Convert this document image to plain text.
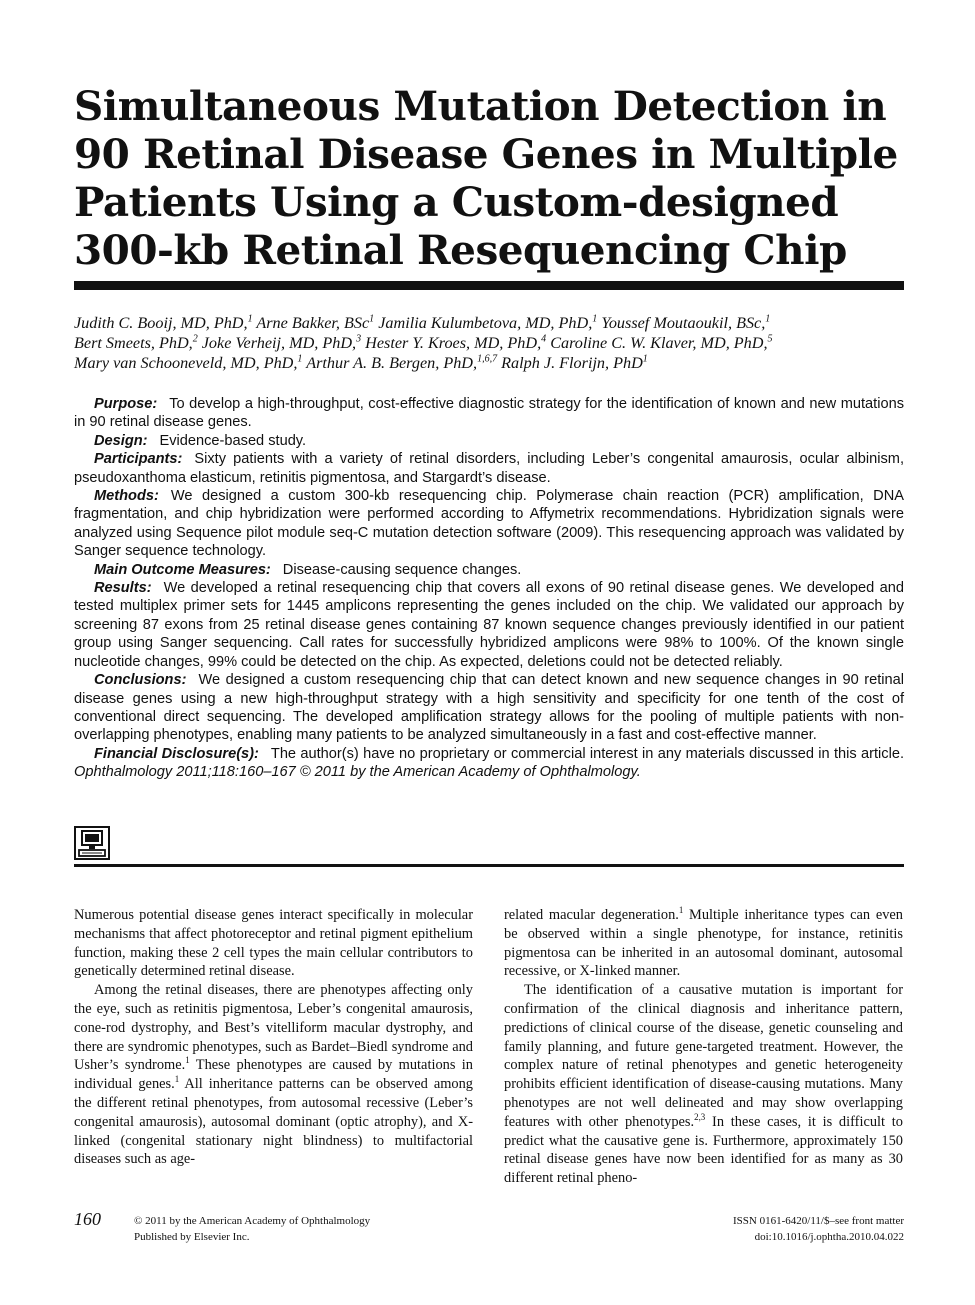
Simultaneous Mutation Detection in 90 Retinal Disease Genes in Multiple Patients Using a Custom-designed 300-kb Retinal Resequencing Chip

Judith C. Booij, MD, PhD,$^1$ Arne Bakker, BSc$^1$ Jamilia Kulumbetova, MD, PhD,$^1$ Youssef Moutaoukil, BSc,$^1$

Bert Smeets, PhD,$^2$ Joke Verheij, MD, PhD,$^3$ Hester Y. Kroes, MD, PhD,$^4$ Caroline C. W. Klaver, MD, PhD,$^5$

Mary van Schooneveld, MD, PhD,$^1$ Arthur A. B. Bergen, PhD,$^{1,6,7}$ Ralph J. Florijn, PhD$^1$

Purpose: To develop a high-throughput, cost-effective diagnostic strategy for the identification of known and new mutations in 90 retinal disease genes.

Design: Evidence-based study.

Participants: Sixty patients with a variety of retinal disorders, including Leber’s congenital amaurosis, ocular albinism, pseudoxanthoma elasticum, retinitis pigmentosa, and Stargardt’s disease.

Methods: We designed a custom 300-kb resequencing chip. Polymerase chain reaction (PCR) amplification, DNA fragmentation, and chip hybridization were performed according to Affymetrix recommendations. Hybridization signals were analyzed using Sequence pilot module seq-C mutation detection software (2009). This resequencing approach was validated by Sanger sequence technology.

Main Outcome Measures: Disease-causing sequence changes.

Results: We developed a retinal resequencing chip that covers all exons of 90 retinal disease genes. We developed and tested multiplex primer sets for 1445 amplicons representing the genes included on the chip. We validated our approach by screening 87 exons from 25 retinal disease genes containing 87 known sequence changes previously identified in our patient group using Sanger sequencing. Call rates for successfully hybridized amplicons were 98% to 100%. Of the known single nucleotide changes, 99% could be detected on the chip. As expected, deletions could not be detected reliably.

Conclusions: We designed a custom resequencing chip that can detect known and new sequence changes in 90 retinal disease genes using a new high-throughput strategy with a high sensitivity and specificity for one tenth of the cost of conventional direct sequencing. The developed amplification strategy allows for the pooling of multiple patients with non-overlapping phenotypes, enabling many patients to be analyzed simultaneously in a fast and cost-effective manner.

Financial Disclosure(s): The author(s) have no proprietary or commercial interest in any materials discussed in this article. Ophthalmology 2011;118:160–167 © 2011 by the American Academy of Ophthalmology.

Numerous potential disease genes interact specifically in molecular mechanisms that affect photoreceptor and retinal pigment epithelium function, making these 2 cell types the main cellular contributors to genetically determined retinal disease.

Among the retinal diseases, there are phenotypes affecting only the eye, such as retinitis pigmentosa, Leber’s congenital amaurosis, cone-rod dystrophy, and Best’s vitelliform macular dystrophy, and there are syndromic phenotypes, such as Bardet–Biedl syndrome and Usher’s syndrome.$^1$ These phenotypes are caused by mutations in individual genes.$^1$ All inheritance patterns can be observed among the different retinal phenotypes, from autosomal recessive (Leber’s congenital amaurosis), autosomal dominant (optic atrophy), and X-linked (congenital stationary night blindness) to multifactorial diseases such as age-

related macular degeneration.$^1$ Multiple inheritance types can even be observed within a single phenotype, for instance, retinitis pigmentosa can be inherited in an autosomal dominant, autosomal recessive, or X-linked manner.

The identification of a causative mutation is important for confirmation of the clinical diagnosis and inheritance pattern, predictions of clinical course of the disease, genetic counseling and family planning, and future gene-targeted treatment. However, the complex nature of retinal phenotypes and genetic heterogeneity prohibits efficient identification of disease-causing mutations. Many phenotypes are not well delineated and may show overlapping features with other phenotypes.$^{2,3}$ In these cases, it is difficult to predict what the causative gene is. Furthermore, approximately 150 retinal disease genes have now been identified for as many as 30 different retinal pheno-

160	© 2011 by the American Academy of Ophthalmology
Published by Elsevier Inc.
ISSN 0161-6420/11/$–see front matter
doi:10.1016/j.ophtha.2010.04.022
